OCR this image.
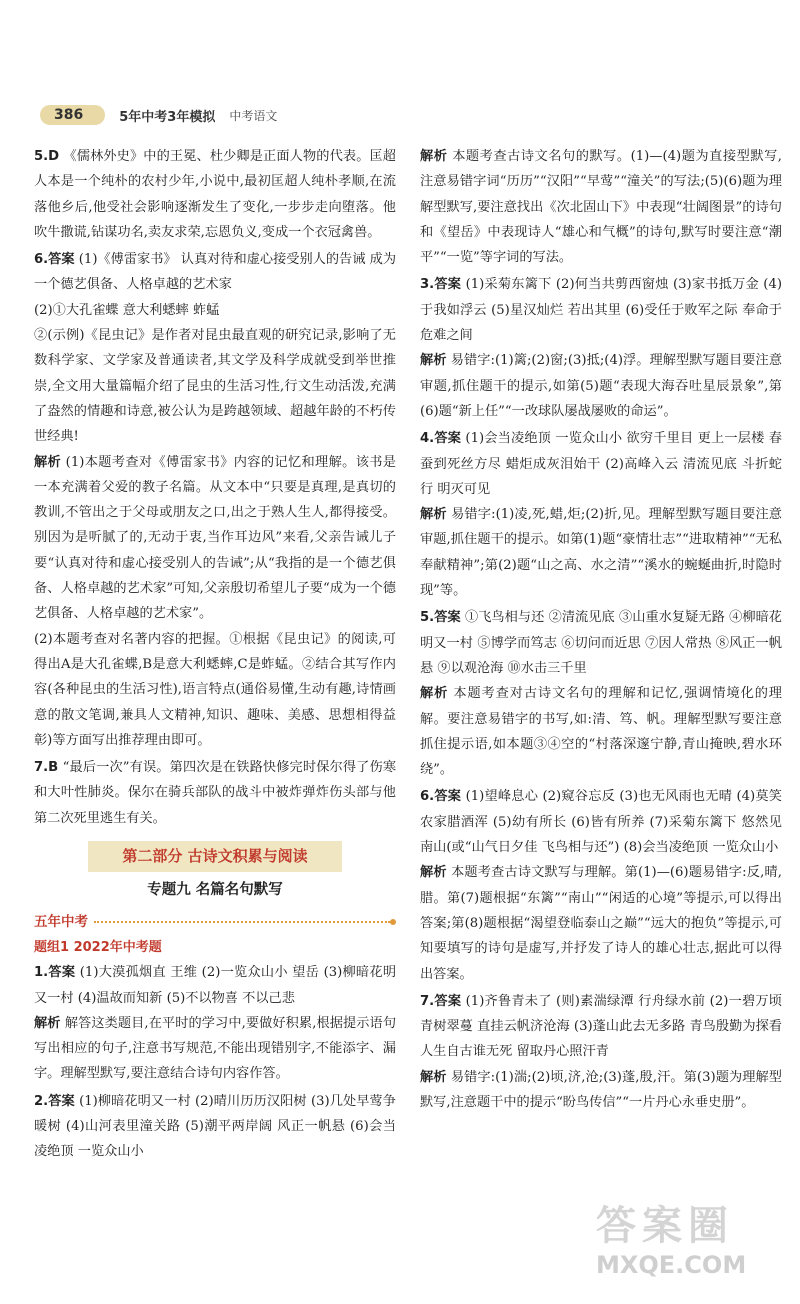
386	5年中考3年模拟 中考语文

5.D 《儒林外史》中的王冕、杜少卿是正面人物的代表。匡超人本是一个纯朴的农村少年,小说中,最初匡超人纯朴孝顺,在流落他乡后,他受社会影响逐渐发生了变化,一步步走向堕落。他吹牛撒谎,钻谋功名,卖友求荣,忘恩负义,变成一个衣冠禽兽。

6.答案 (1)《傅雷家书》 认真对待和虚心接受别人的告诫 成为一个德艺俱备、人格卓越的艺术家

(2)①大孔雀蝶 意大利蟋蟀 蚱蜢

②(示例)《昆虫记》是作者对昆虫最直观的研究记录,影响了无数科学家、文学家及普通读者,其文学及科学成就受到举世推崇,全文用大量篇幅介绍了昆虫的生活习性,行文生动活泼,充满了盎然的情趣和诗意,被公认为是跨越领域、超越年龄的不朽传世经典!

解析 (1)本题考查对《傅雷家书》内容的记忆和理解。该书是一本充满着父爱的教子名篇。从文本中“只要是真理,是真切的教训,不管出之于父母或朋友之口,出之于熟人生人,都得接受。别因为是听腻了的,无动于衷,当作耳边风”来看,父亲告诫儿子要“认真对待和虚心接受别人的告诫”;从“我指的是一个德艺俱备、人格卓越的艺术家”可知,父亲殷切希望儿子要“成为一个德艺俱备、人格卓越的艺术家”。

(2)本题考查对名著内容的把握。①根据《昆虫记》的阅读,可得出A是大孔雀蝶,B是意大利蟋蟀,C是蚱蜢。②结合其写作内容(各种昆虫的生活习性),语言特点(通俗易懂,生动有趣,诗情画意的散文笔调,兼具人文精神,知识、趣味、美感、思想相得益彰)等方面写出推荐理由即可。

7.B “最后一次”有误。第四次是在铁路快修完时保尔得了伤寒和大叶性肺炎。保尔在骑兵部队的战斗中被炸弹炸伤头部与他第二次死里逃生有关。

第二部分 古诗文积累与阅读
专题九 名篇名句默写
五年中考
题组1 2022年中考题

1.答案 (1)大漠孤烟直 王维 (2)一览众山小 望岳 (3)柳暗花明又一村 (4)温故而知新 (5)不以物喜 不以己悲

解析 解答这类题目,在平时的学习中,要做好积累,根据提示语句写出相应的句子,注意书写规范,不能出现错别字,不能添字、漏字。理解型默写,要注意结合诗句内容作答。

2.答案 (1)柳暗花明又一村 (2)晴川历历汉阳树 (3)几处早莺争暖树 (4)山河表里潼关路 (5)潮平两岸阔 风正一帆悬 (6)会当凌绝顶 一览众山小

解析 本题考查古诗文名句的默写。(1)—(4)题为直接型默写,注意易错字词“历历”“汉阳”“早莺”“潼关”的写法;(5)(6)题为理解型默写,要注意找出《次北固山下》中表现“壮阔图景”的诗句和《望岳》中表现诗人“雄心和气概”的诗句,默写时要注意“潮平”“一览”等字词的写法。

3.答案 (1)采菊东篱下 (2)何当共剪西窗烛 (3)家书抵万金 (4)于我如浮云 (5)星汉灿烂 若出其里 (6)受任于败军之际 奉命于危难之间

解析 易错字:(1)篱;(2)窗;(3)抵;(4)浮。理解型默写题目要注意审题,抓住题干的提示,如第(5)题“表现大海吞吐星辰景象”,第(6)题“新上任”“一改球队屡战屡败的命运”。

4.答案 (1)会当凌绝顶 一览众山小 欲穷千里目 更上一层楼 春蚕到死丝方尽 蜡炬成灰泪始干 (2)高峰入云 清流见底 斗折蛇行 明灭可见

解析 易错字:(1)凌,死,蜡,炬;(2)折,见。理解型默写题目要注意审题,抓住题干的提示。如第(1)题“豪情壮志”“进取精神”“无私奉献精神”;第(2)题“山之高、水之清”“溪水的蜿蜒曲折,时隐时现”等。

5.答案 ①飞鸟相与还 ②清流见底 ③山重水复疑无路 ④柳暗花明又一村 ⑤博学而笃志 ⑥切问而近思 ⑦因人常热 ⑧风正一帆悬 ⑨以观沧海 ⑩水击三千里

解析 本题考查对古诗文名句的理解和记忆,强调情境化的理解。要注意易错字的书写,如:清、笃、帆。理解型默写要注意抓住提示语,如本题③④空的“村落深邃宁静,青山掩映,碧水环绕”。

6.答案 (1)望峰息心 (2)窥谷忘反 (3)也无风雨也无晴 (4)莫笑农家腊酒浑 (5)幼有所长 (6)皆有所养 (7)采菊东篱下 悠然见南山(或“山气日夕佳 飞鸟相与还”) (8)会当凌绝顶 一览众山小

解析 本题考查古诗文默写与理解。第(1)—(6)题易错字:反,晴,腊。第(7)题根据“东篱”“南山”“闲适的心境”等提示,可以得出答案;第(8)题根据“渴望登临泰山之巅”“远大的抱负”等提示,可知要填写的诗句是虚写,并抒发了诗人的雄心壮志,据此可以得出答案。

7.答案 (1)齐鲁青未了 (则)素湍绿潭 行舟绿水前 (2)一碧万顷 青树翠蔓 直挂云帆济沧海 (3)蓬山此去无多路 青鸟殷勤为探看 人生自古谁无死 留取丹心照汗青

解析 易错字:(1)湍;(2)顷,济,沧;(3)蓬,殷,汗。第(3)题为理解型默写,注意题干中的提示“盼鸟传信”“一片丹心永垂史册”。

答案圈
MXQE.COM
